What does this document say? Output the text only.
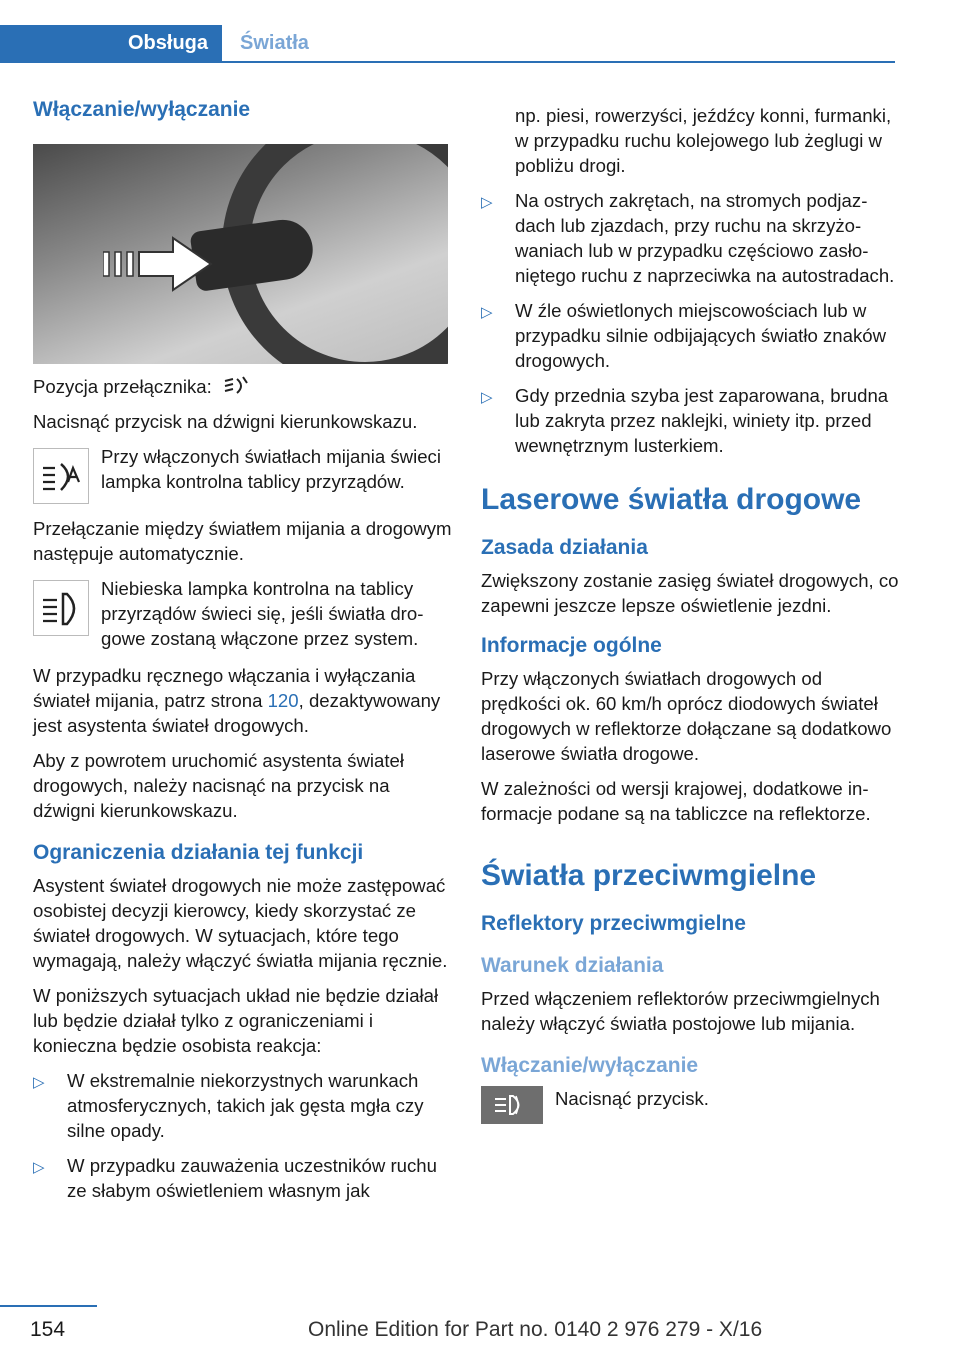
Obsługa	Światła
Włączanie/wyłączanie

Pozycja przełącznika:

Nacisnąć przycisk na dźwigni kierunkowskazu.

Przy włączonych światłach mijania świeci lampka kontrolna tablicy przyrządów.

Przełączanie między światłem mijania a drogowym następuje automatycznie.

Niebieska lampka kontrolna na tablicy przyrządów świeci się, jeśli światła drogowe zostaną włączone przez system.

W przypadku ręcznego włączania i wyłączania świateł mijania, patrz strona 120, dezaktywowany jest asystenta świateł drogowych.

Aby z powrotem uruchomić asystenta świateł drogowych, należy nacisnąć na przycisk na dźwigni kierunkowskazu.

Ograniczenia działania tej funkcji

Asystent świateł drogowych nie może zastępować osobistej decyzji kierowcy, kiedy skorzystać ze świateł drogowych. W sytuacjach, które tego wymagają, należy włączyć światła mijania ręcznie.

W poniższych sytuacjach układ nie będzie działał lub będzie działał tylko z ograniczeniami i konieczna będzie osobista reakcja:

▷ W ekstremalnie niekorzystnych warunkach atmosferycznych, takich jak gęsta mgła czy silne opady.
▷ W przypadku zauważenia uczestników ruchu ze słabym oświetleniem własnym jak
np. piesi, rowerzyści, jeźdźcy konni, furmanki, w przypadku ruchu kolejowego lub żeglugi w pobliżu drogi.
▷ Na ostrych zakrętach, na stromych podjazdach lub zjazdach, przy ruchu na skrzyżowaniach lub w przypadku częściowo zasłoniętego ruchu z naprzeciwka na autostradach.
▷ W źle oświetlonych miejscowościach lub w przypadku silnie odbijających światło znaków drogowych.
▷ Gdy przednia szyba jest zaparowana, brudna lub zakryta przez naklejki, winiety itp. przed wewnętrznym lusterkiem.
Laserowe światła drogowe
Zasada działania

Zwiększony zostanie zasięg świateł drogowych, co zapewni jeszcze lepsze oświetlenie jezdni.

Informacje ogólne

Przy włączonych światłach drogowych od prędkości ok. 60 km/h oprócz diodowych świateł drogowych w reflektorze dołączane są dodatkowo laserowe światła drogowe.

W zależności od wersji krajowej, dodatkowe informacje podane są na tabliczce na reflektorze.

Światła przeciwmgielne
Reflektory przeciwmgielne
Warunek działania

Przed włączeniem reflektorów przeciwmgielnych należy włączyć światła postojowe lub mijania.

Włączanie/wyłączanie

Nacisnąć przycisk.

154	Online Edition for Part no. 0140 2 976 279 - X/16
